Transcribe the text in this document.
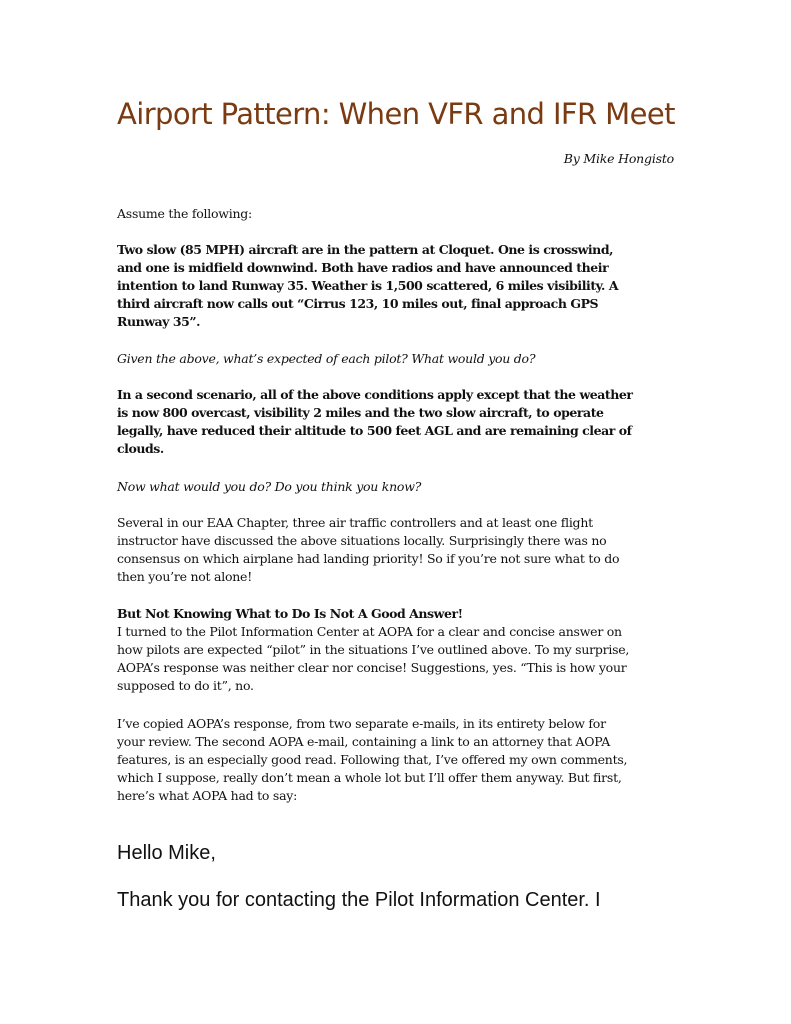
Airport Pattern: When VFR and IFR Meet
By Mike Hongisto

Assume the following:

Two slow (85 MPH) aircraft are in the pattern at Cloquet. One is crosswind,
and one is midfield downwind. Both have radios and have announced their
intention to land Runway 35. Weather is 1,500 scattered, 6 miles visibility. A
third aircraft now calls out “Cirrus 123, 10 miles out, final approach GPS
Runway 35”.

Given the above, what’s expected of each pilot? What would you do?

In a second scenario, all of the above conditions apply except that the weather
is now 800 overcast, visibility 2 miles and the two slow aircraft, to operate
legally, have reduced their altitude to 500 feet AGL and are remaining clear of
clouds.

Now what would you do? Do you think you know?

Several in our EAA Chapter, three air traffic controllers and at least one flight
instructor have discussed the above situations locally. Surprisingly there was no
consensus on which airplane had landing priority! So if you’re not sure what to do
then you’re not alone!

But Not Knowing What to Do Is Not A Good Answer!
I turned to the Pilot Information Center at AOPA for a clear and concise answer on
how pilots are expected “pilot” in the situations I’ve outlined above. To my surprise,
AOPA’s response was neither clear nor concise! Suggestions, yes. “This is how your
supposed to do it”, no.

I’ve copied AOPA’s response, from two separate e-mails, in its entirety below for
your review. The second AOPA e-mail, containing a link to an attorney that AOPA
features, is an especially good read. Following that, I’ve offered my own comments,
which I suppose, really don’t mean a whole lot but I’ll offer them anyway. But first,
here’s what AOPA had to say:

Hello Mike,

Thank you for contacting the Pilot Information Center. I
